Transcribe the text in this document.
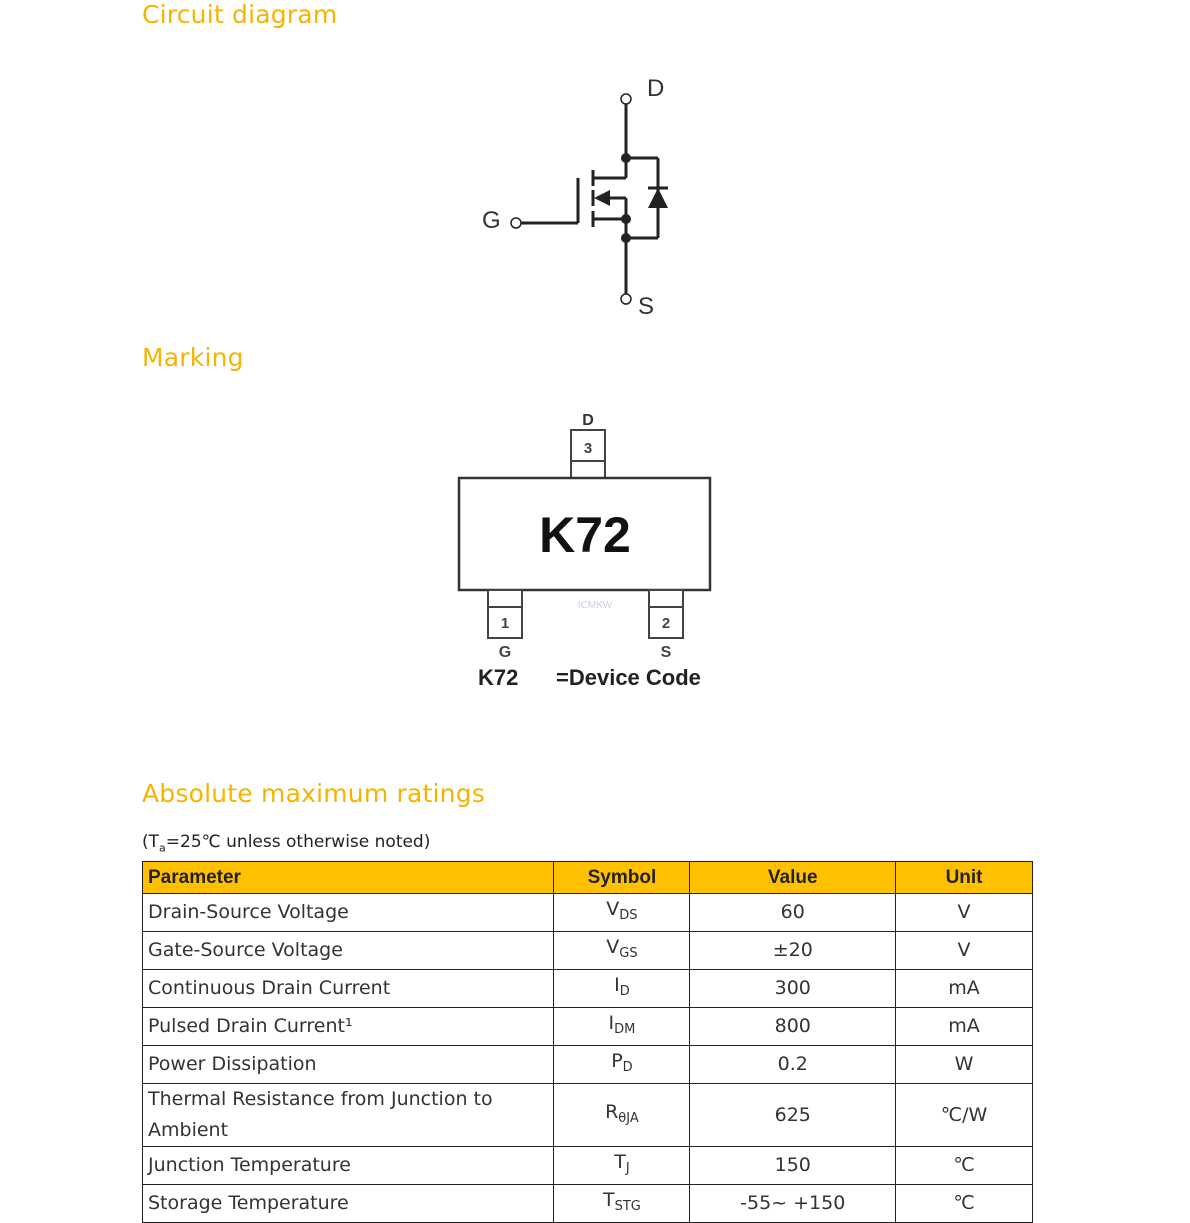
Circuit diagram
D
G
S
Marking
D
3
K72
1
G
2
S
ICMKW
K72 =Device Code
Absolute maximum ratings
($T_a=25℃$ unless otherwise noted)
Parameter	Symbol	Value	Unit
Drain-Source Voltage	$V_{DS}$	60	V
Gate-Source Voltage	$V_{GS}$	±20	V
Continuous Drain Current	$I_D$	300	mA
Pulsed Drain Current¹	$I_{DM}$	800	mA
Power Dissipation	$P_D$	0.2	W
Thermal Resistance from Junction to Ambient	$R_{\theta JA}$	625	℃/W
Junction Temperature	$T_J$	150	℃
Storage Temperature	$T_{STG}$	-55~ +150	℃
